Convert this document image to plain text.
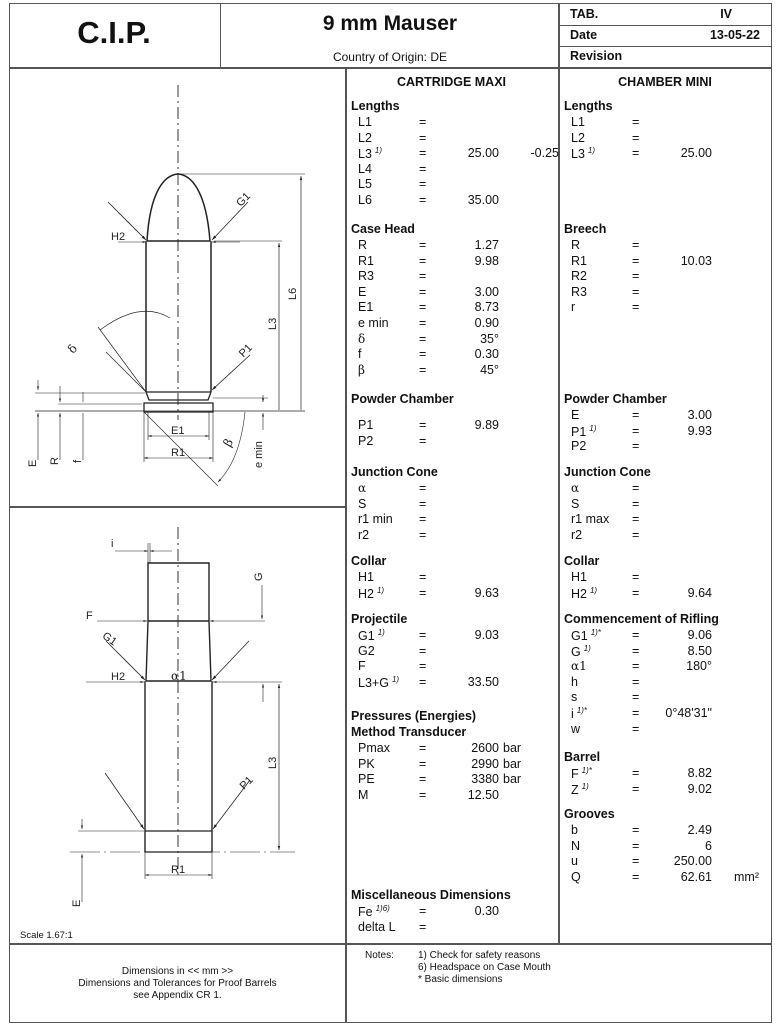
C.I.P.	9 mm Mauser
Country of Origin: DE
TAB.	IV
Date	13-05-22
Revision
G1
H2
L6
L3
δ	P1
E1
R1
β e min
E R f
i
G
F
G1
H2	α1
L3
P1
R1
E
Scale 1.67:1
CARTRIDGE MAXI
Lengths
L1	=
L2	=
L3 $^{1)}$	=	25.00	-0.25
L4	=
L5	=
L6	=	35.00
Case Head
R	=	1.27
R1	=	9.98
R3	=
E	=	3.00
E1	=	8.73
e min =	0.90
δ	=	35°
f	=	0.30
β	=	45°
Powder Chamber
P1	=	9.89
P2	=
Junction Cone
α	=
S	=
r1 min =
r2	=
Collar
H1	=
H2 $^{1)}$	=	9.63
Projectile
G1 $^{1)}$	=	9.03
G2	=
F	=
L3+G $^{1)}$ =	33.50
Pressures (Energies)
Method Transducer
Pmax =	2600 bar
PK	=	2990 bar
PE	=	3380 bar
M	=	12.50
Miscellaneous Dimensions
Fe $^{1)6)}$ =	0.30
delta L =
CHAMBER MINI
Lengths
L1	=
L2	=
L3 $^{1)}$	=	25.00
Breech
R	=
R1	=	10.03
R2	=
R3	=
r	=
Powder Chamber
E	=	3.00
P1 $^{1)}$	=	9.93
P2	=
Junction Cone
α	=
S	=
r1 max =
r2	=
Collar
H1	=
H2 $^{1)}$	=	9.64
Commencement of Rifling
G1 $^{1)*}$ =	9.06
G $^{1)}$	=	8.50
α1	=	180°
h	=
s	=
i $^{1)*}$	= 0°48'31"
w	=
Barrel
F $^{1)*}$	=	8.82
Z $^{1)}$	=	9.02
Grooves
b	=	2.49
N	=	6
u	=	250.00
Q	=	62.61 mm²
Dimensions in << mm >>
Dimensions and Tolerances for Proof Barrels
see Appendix CR 1.
Notes: 1) Check for safety reasons
6) Headspace on Case Mouth
* Basic dimensions
